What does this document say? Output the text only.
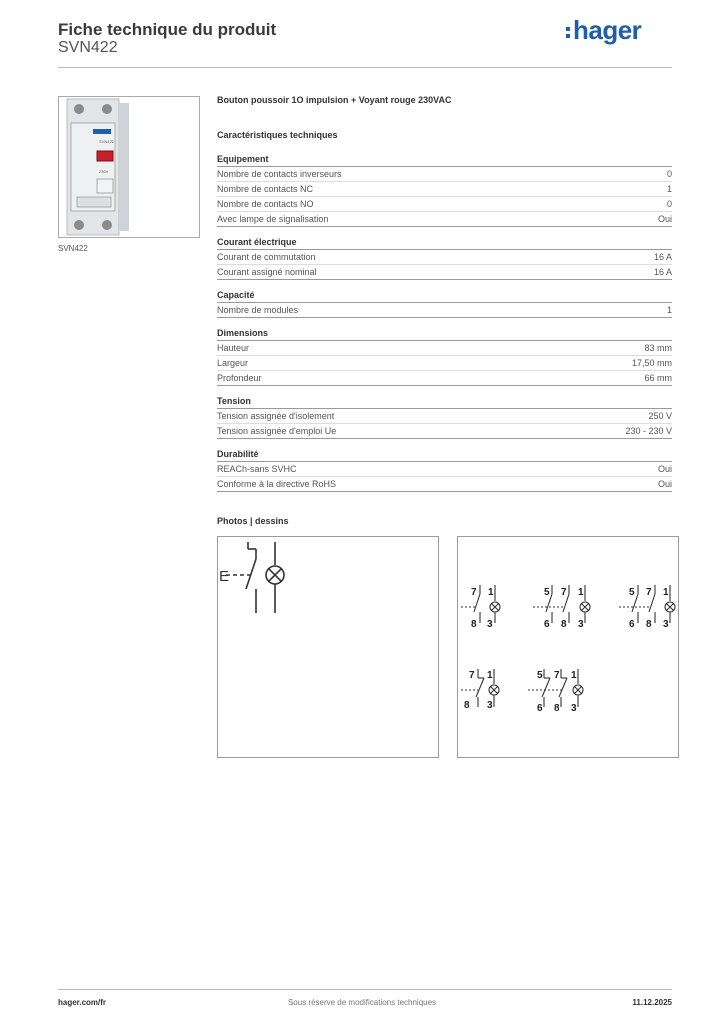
Fiche technique du produit
SVN422
hager
SVN422
230V
SVN422
Bouton poussoir 1O impulsion + Voyant rouge 230VAC
Caractéristiques techniques
Equipement
Nombre de contacts inverseurs	0
Nombre de contacts NC	1
Nombre de contacts NO	0
Avec lampe de signalisation	Oui
Courant électrique
Courant de commutation	16 A
Courant assigné nominal	16 A
Capacité
Nombre de modules	1
Dimensions
Hauteur	83 mm
Largeur	17,50 mm
Profondeur	66 mm
Tension
Tension assignée d'isolement	250 V
Tension assignée d'emploi Ue	230 - 230 V
Durabilité
REACh-sans SVHC	Oui
Conforme à la directive RoHS	Oui
Photos | dessins
E
7 1
8 3
5 7 1
6 8 3
5 7 1
6 8 3
7 1
8 3
5 7 1
6 8 3
hager.com/fr	Sous réserve de modifications techniques	11.12.2025
